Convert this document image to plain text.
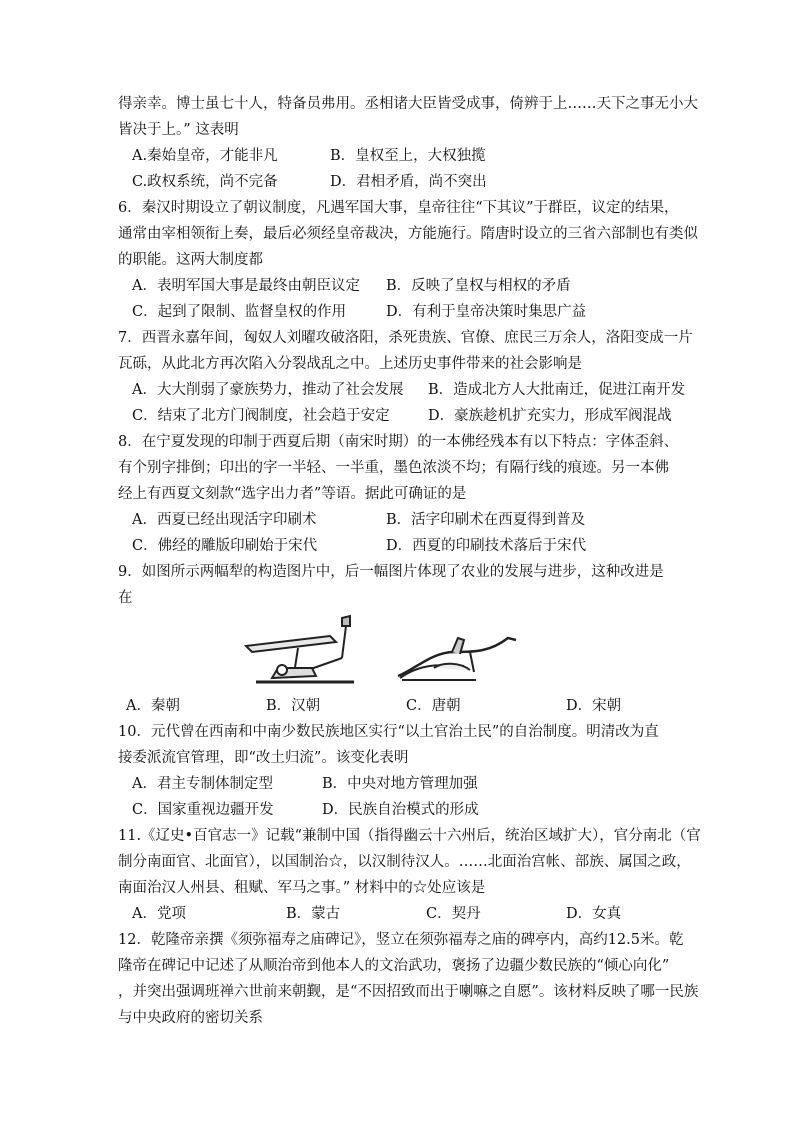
得亲幸。博士虽七十人，特备员弗用。丞相诸大臣皆受成事，倚辨于上……天下之事无小大
皆决于上。” 这表明
A.秦始皇帝，才能非凡	B．皇权至上，大权独揽
C.政权系统，尚不完备	D．君相矛盾，尚不突出
6．秦汉时期设立了朝议制度，凡遇军国大事，皇帝往往“下其议”于群臣，议定的结果，
通常由宰相领衔上奏，最后必须经皇帝裁决，方能施行。隋唐时设立的三省六部制也有类似
的职能。这两大制度都
A．表明军国大事是最终由朝臣议定 B．反映了皇权与相权的矛盾
C．起到了限制、监督皇权的作用	D．有利于皇帝决策时集思广益
7．西晋永嘉年间，匈奴人刘曜攻破洛阳，杀死贵族、官僚、庶民三万余人，洛阳变成一片
瓦砾，从此北方再次陷入分裂战乱之中。上述历史事件带来的社会影响是
A．大大削弱了豪族势力，推动了社会发展 B．造成北方人大批南迁，促进江南开发
C．结束了北方门阀制度，社会趋于安定	D．豪族趁机扩充实力，形成军阀混战
8．在宁夏发现的印制于西夏后期（南宋时期）的一本佛经残本有以下特点：字体歪斜、
有个别字排倒；印出的字一半轻、一半重，墨色浓淡不均；有隔行线的痕迹。另一本佛
经上有西夏文刻款“选字出力者”等语。据此可确证的是
A．西夏已经出现活字印刷术	B．活字印刷术在西夏得到普及
C．佛经的雕版印刷始于宋代	D．西夏的印刷技术落后于宋代
9．如图所示两幅犁的构造图片中，后一幅图片体现了农业的发展与进步，这种改进是
在
A．秦朝	B．汉朝	C．唐朝	D．宋朝
10．元代曾在西南和中南少数民族地区实行“以土官治土民”的自治制度。明清改为直
接委派流官管理，即“改土归流”。该变化表明
A．君主专制体制定型	B．中央对地方管理加强
C．国家重视边疆开发	D．民族自治模式的形成
11.《辽史•百官志一》记载“兼制中国（指得幽云十六州后，统治区域扩大），官分南北（官
制分南面官、北面官），以国制治☆，以汉制待汉人。……北面治宫帐、部族、属国之政，
南面治汉人州县、租赋、军马之事。” 材料中的☆处应该是
A．党项	B．蒙古	C．契丹	D．女真
12．乾隆帝亲撰《须弥福寿之庙碑记》，竖立在须弥福寿之庙的碑亭内，高约12.5米。乾
隆帝在碑记中记述了从顺治帝到他本人的文治武功，褒扬了边疆少数民族的“倾心向化”
，并突出强调班禅六世前来朝觐，是“不因招致而出于喇嘛之自愿”。该材料反映了哪一民族
与中央政府的密切关系
